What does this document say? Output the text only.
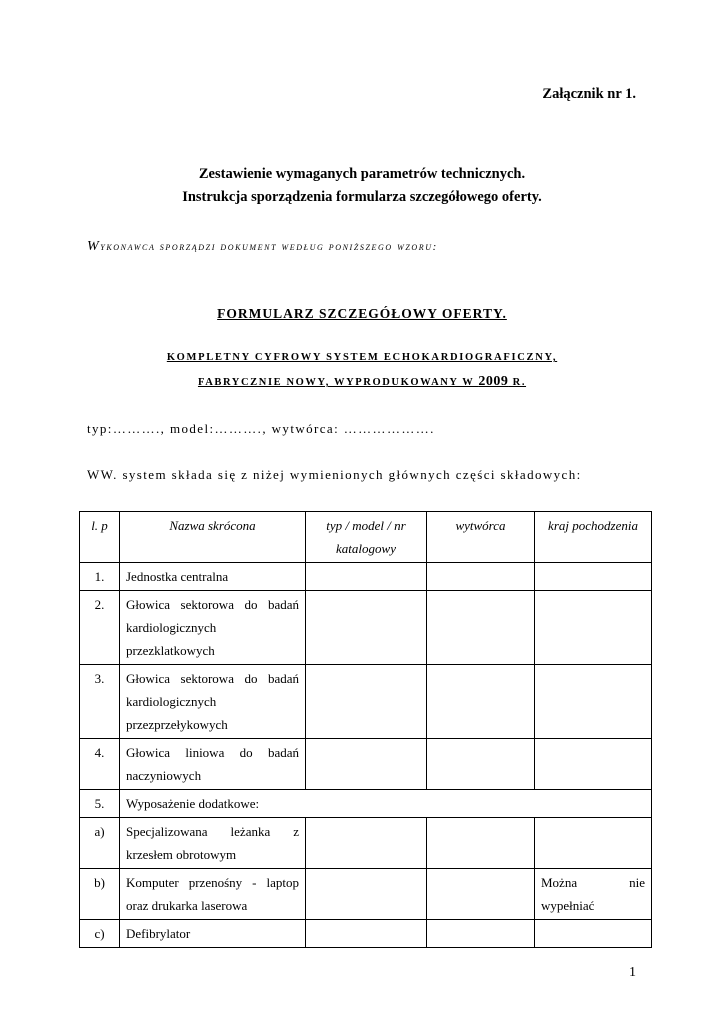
Załącznik nr 1.
Zestawienie wymaganych parametrów technicznych.
Instrukcja sporządzenia formularza szczegółowego oferty.
Wykonawca sporządzi dokument według poniższego wzoru:
FORMULARZ SZCZEGÓŁOWY OFERTY.
KOMPLETNY CYFROWY SYSTEM ECHOKARDIOGRAFICZNY,
FABRYCZNIE NOWY, WYPRODUKOWANY W 2009 R.
typ:………., model:………., wytwórca: ……………….
WW. system składa się z niżej wymienionych głównych części składowych:
l. p	Nazwa skrócona	typ / model / nr katalogowy	wytwórca	kraj pochodzenia
1.	Jednostka centralna			
2.	Głowica sektorowa do badań kardiologicznych przezklatkowych			
3.	Głowica sektorowa do badań kardiologicznych przezprzełykowych			
4.	Głowica liniowa do badań naczyniowych			
5.	Wyposażenie dodatkowe:			
a)	Specjalizowana leżanka z krzesłem obrotowym			
b)	Komputer przenośny - laptop oraz drukarka laserowa			Można nie wypełniać
c)	Defibrylator			
1
